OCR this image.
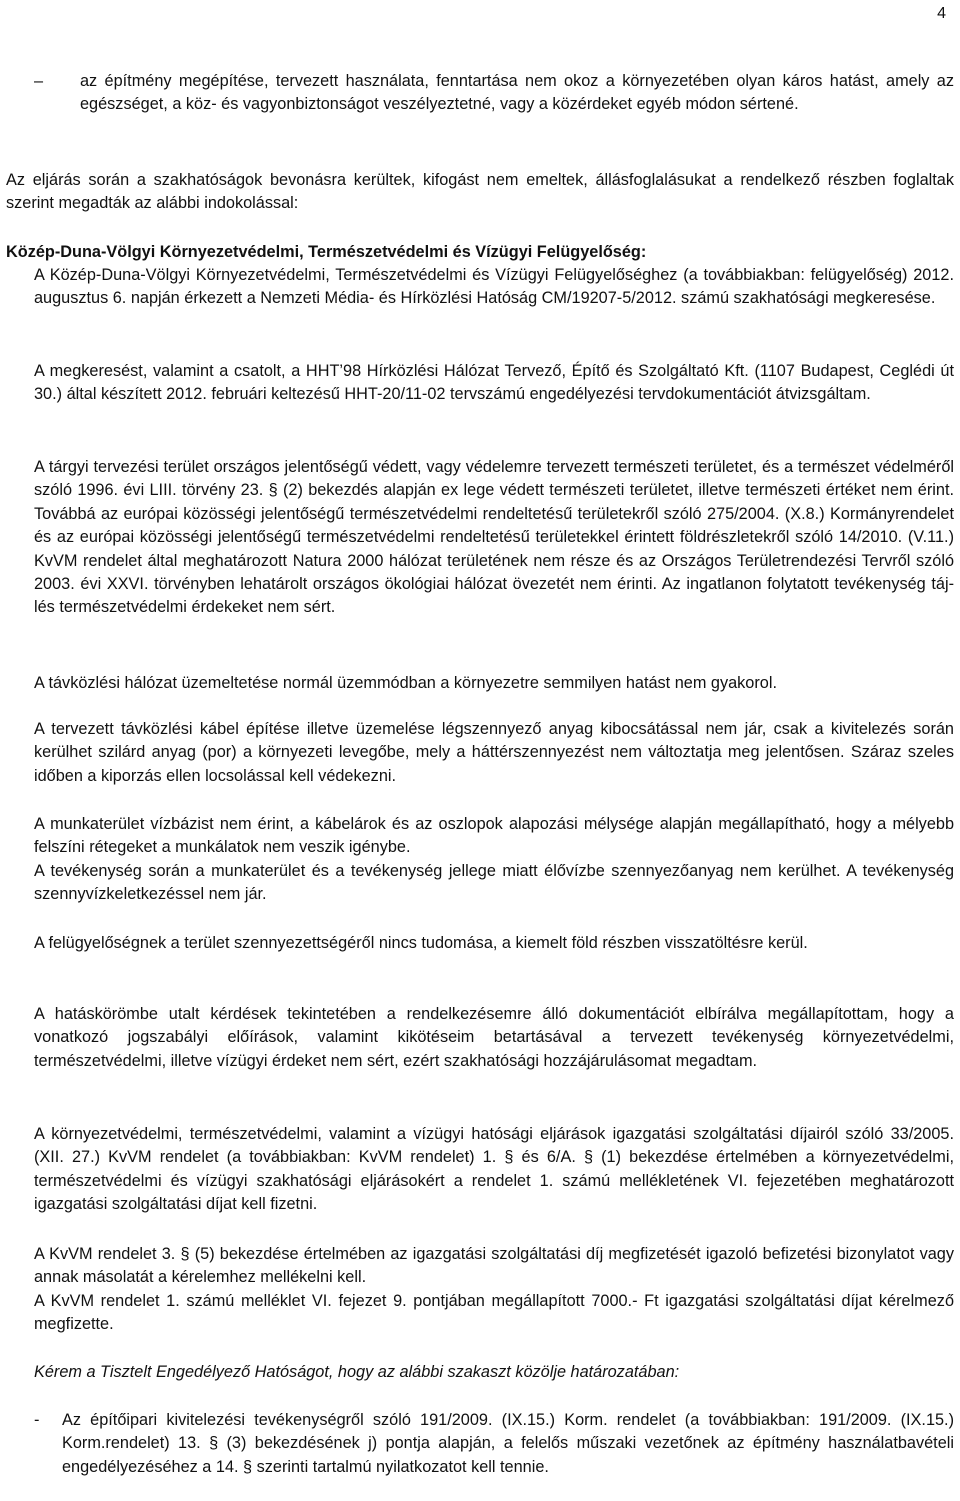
4
– az építmény megépítése, tervezett használata, fenntartása nem okoz a környezetében olyan káros hatást, amely az egészséget, a köz- és vagyonbiztonságot veszélyeztetné, vagy a közérdeket egyéb módon sértené.

Az eljárás során a szakhatóságok bevonásra kerültek, kifogást nem emeltek, állásfoglalásukat a rendelkező részben foglaltak szerint megadták az alábbi indokolással:

Közép-Duna-Völgyi Környezetvédelmi, Természetvédelmi és Vízügyi Felügyelőség:

A Közép-Duna-Völgyi Környezetvédelmi, Természetvédelmi és Vízügyi Felügyelőséghez (a továbbiakban: felügyelőség) 2012. augusztus 6. napján érkezett a Nemzeti Média- és Hírközlési Hatóság CM/19207-5/2012. számú szakhatósági megkeresése.

A megkeresést, valamint a csatolt, a HHT’98 Hírközlési Hálózat Tervező, Építő és Szolgáltató Kft. (1107 Budapest, Ceglédi út 30.) által készített 2012. februári keltezésű HHT-20/11-02 tervszámú engedélyezési tervdokumentációt átvizsgáltam.

A tárgyi tervezési terület országos jelentőségű védett, vagy védelemre tervezett természeti területet, és a természet védelméről szóló 1996. évi LIII. törvény 23. § (2) bekezdés alapján ex lege védett természeti területet, illetve természeti értéket nem érint. Továbbá az európai közösségi jelentőségű természetvédelmi rendeltetésű területekről szóló 275/2004. (X.8.) Kormányrendelet és az európai közösségi jelentőségű természetvédelmi rendeltetésű területekkel érintett földrészletekről szóló 14/2010. (V.11.) KvVM rendelet által meghatározott Natura 2000 hálózat területének nem része és az Országos Területrendezési Tervről szóló 2003. évi XXVI. törvényben lehatárolt országos ökológiai hálózat övezetét nem érinti. Az ingatlanon folytatott tevékenység táj- lés természetvédelmi érdekeket nem sért.

A távközlési hálózat üzemeltetése normál üzemmódban a környezetre semmilyen hatást nem gyakorol.

A tervezett távközlési kábel építése illetve üzemelése légszennyező anyag kibocsátással nem jár, csak a kivitelezés során kerülhet szilárd anyag (por) a környezeti levegőbe, mely a háttérszennyezést nem változtatja meg jelentősen. Száraz szeles időben a kiporzás ellen locsolással kell védekezni.

A munkaterület vízbázist nem érint, a kábelárok és az oszlopok alapozási mélysége alapján megállapítható, hogy a mélyebb felszíni rétegeket a munkálatok nem veszik igénybe.

A tevékenység során a munkaterület és a tevékenység jellege miatt élővízbe szennyezőanyag nem kerülhet. A tevékenység szennyvízkeletkezéssel nem jár.

A felügyelőségnek a terület szennyezettségéről nincs tudomása, a kiemelt föld részben visszatöltésre kerül.

A hatáskörömbe utalt kérdések tekintetében a rendelkezésemre álló dokumentációt elbírálva megállapítottam, hogy a vonatkozó jogszabályi előírások, valamint kikötéseim betartásával a tervezett tevékenység környezetvédelmi, természetvédelmi, illetve vízügyi érdeket nem sért, ezért szakhatósági hozzájárulásomat megadtam.

A környezetvédelmi, természetvédelmi, valamint a vízügyi hatósági eljárások igazgatási szolgáltatási díjairól szóló 33/2005. (XII. 27.) KvVM rendelet (a továbbiakban: KvVM rendelet) 1. § és 6/A. § (1) bekezdése értelmében a környezetvédelmi, természetvédelmi és vízügyi szakhatósági eljárásokért a rendelet 1. számú mellékletének VI. fejezetében meghatározott igazgatási szolgáltatási díjat kell fizetni.

A KvVM rendelet 3. § (5) bekezdése értelmében az igazgatási szolgáltatási díj megfizetését igazoló befizetési bizonylatot vagy annak másolatát a kérelemhez mellékelni kell.

A KvVM rendelet 1. számú melléklet VI. fejezet 9. pontjában megállapított 7000.- Ft igazgatási szolgáltatási díjat kérelmező megfizette.

Kérem a Tisztelt Engedélyező Hatóságot, hogy az alábbi szakaszt közölje határozatában:

- Az építőipari kivitelezési tevékenységről szóló 191/2009. (IX.15.) Korm. rendelet (a továbbiakban: 191/2009. (IX.15.) Korm.rendelet) 13. § (3) bekezdésének j) pontja alapján, a felelős műszaki vezetőnek az építmény használatbavételi engedélyezéséhez a 14. § szerinti tartalmú nyilatkozatot kell tennie.
